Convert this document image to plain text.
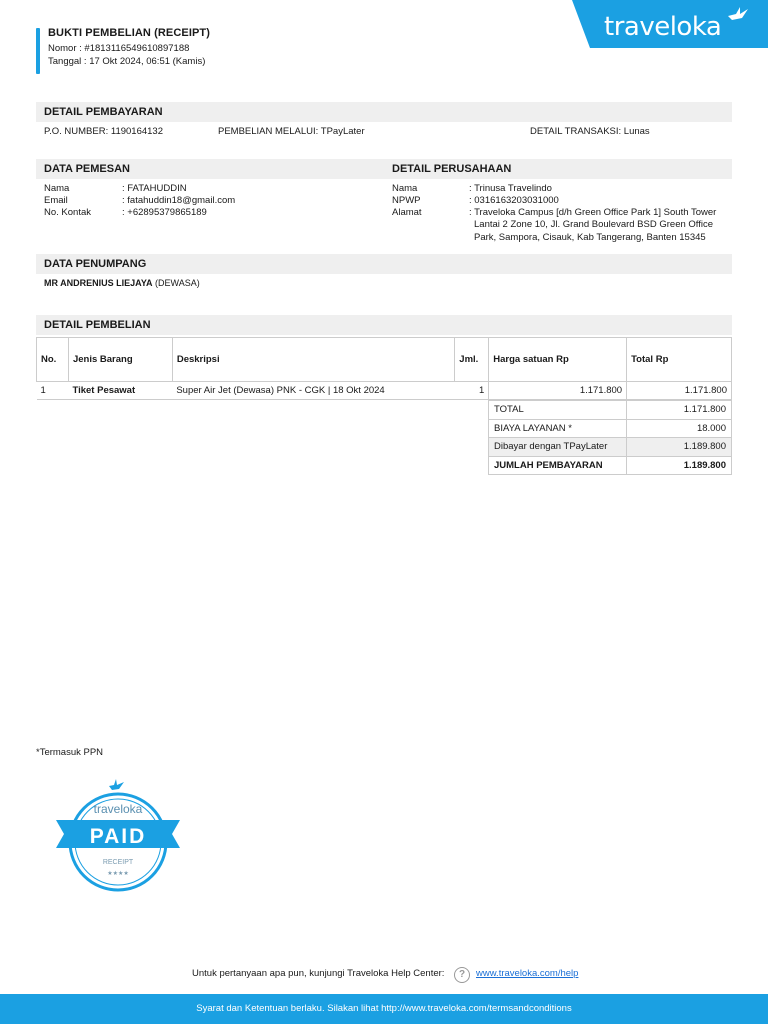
BUKTI PEMBELIAN (RECEIPT)
Nomor : #1813116549610897188
Tanggal : 17 Okt 2024, 06:51 (Kamis)
traveloka
DETAIL PEMBAYARAN
P.O. NUMBER: 1190164132	PEMBELIAN MELALUI: TPayLater	DETAIL TRANSAKSI: Lunas
DATA PEMESAN	DETAIL PERUSAHAAN
Nama	: FATAHUDDIN
Email	: fatahuddin18@gmail.com
No. Kontak	: +62895379865189
Nama	: Trinusa Travelindo
NPWP	: 0316163203031000
Alamat	: Traveloka Campus [d/h Green Office Park 1] South Tower
Lantai 2 Zone 10, Jl. Grand Boulevard BSD Green Office Park, Sampora, Cisauk, Kab Tangerang, Banten 15345
DATA PENUMPANG
MR ANDRENIUS LIEJAYA (DEWASA)
DETAIL PEMBELIAN
No.	Jenis Barang	Deskripsi	Jml.	Harga satuan Rp	Total Rp
1	Tiket Pesawat	Super Air Jet (Dewasa) PNK - CGK | 18 Okt 2024	1	1.171.800	1.171.800
TOTAL	1.171.800
BIAYA LAYANAN *	18.000
Dibayar dengan TPayLater	1.189.800
JUMLAH PEMBAYARAN	1.189.800
*Termasuk PPN
traveloka
PAID
RECEIPT
★★★★
Untuk pertanyaan apa pun, kunjungi Traveloka Help Center:	?	www.traveloka.com/help
Syarat dan Ketentuan berlaku. Silakan lihat http://www.traveloka.com/termsandconditions
